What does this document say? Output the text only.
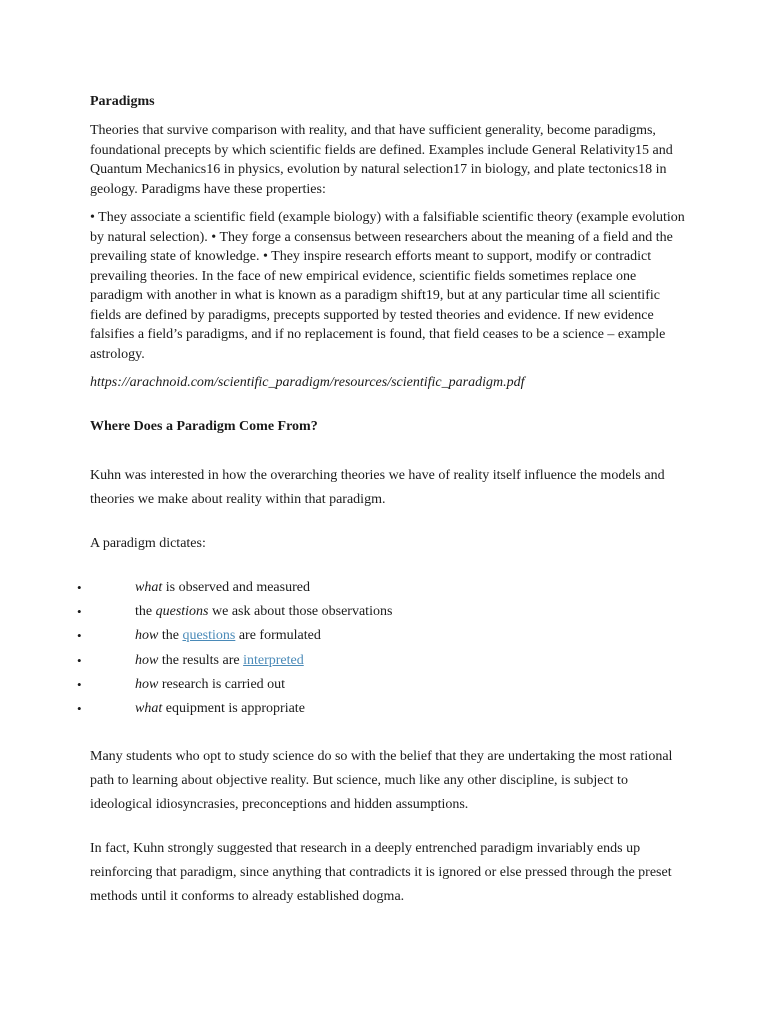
Paradigms

Theories that survive comparison with reality, and that have sufficient generality, become paradigms, foundational precepts by which scientific fields are defined. Examples include General Relativity15 and Quantum Mechanics16 in physics, evolution by natural selection17 in biology, and plate tectonics18 in geology. Paradigms have these properties:

• They associate a scientific field (example biology) with a falsifiable scientific theory (example evolution by natural selection). • They forge a consensus between researchers about the meaning of a field and the prevailing state of knowledge. • They inspire research efforts meant to support, modify or contradict prevailing theories. In the face of new empirical evidence, scientific fields sometimes replace one paradigm with another in what is known as a paradigm shift19, but at any particular time all scientific fields are defined by paradigms, precepts supported by tested theories and evidence. If new evidence falsifies a field’s paradigms, and if no replacement is found, that field ceases to be a science – example astrology.

https://arachnoid.com/scientific_paradigm/resources/scientific_paradigm.pdf

Where Does a Paradigm Come From?

Kuhn was interested in how the overarching theories we have of reality itself influence the models and theories we make about reality within that paradigm.

A paradigm dictates:

•	what is observed and measured
•	the questions we ask about those observations
•	how the questions are formulated
•	how the results are interpreted
•	how research is carried out
•	what equipment is appropriate

Many students who opt to study science do so with the belief that they are undertaking the most rational path to learning about objective reality. But science, much like any other discipline, is subject to ideological idiosyncrasies, preconceptions and hidden assumptions.

In fact, Kuhn strongly suggested that research in a deeply entrenched paradigm invariably ends up reinforcing that paradigm, since anything that contradicts it is ignored or else pressed through the preset methods until it conforms to already established dogma.
